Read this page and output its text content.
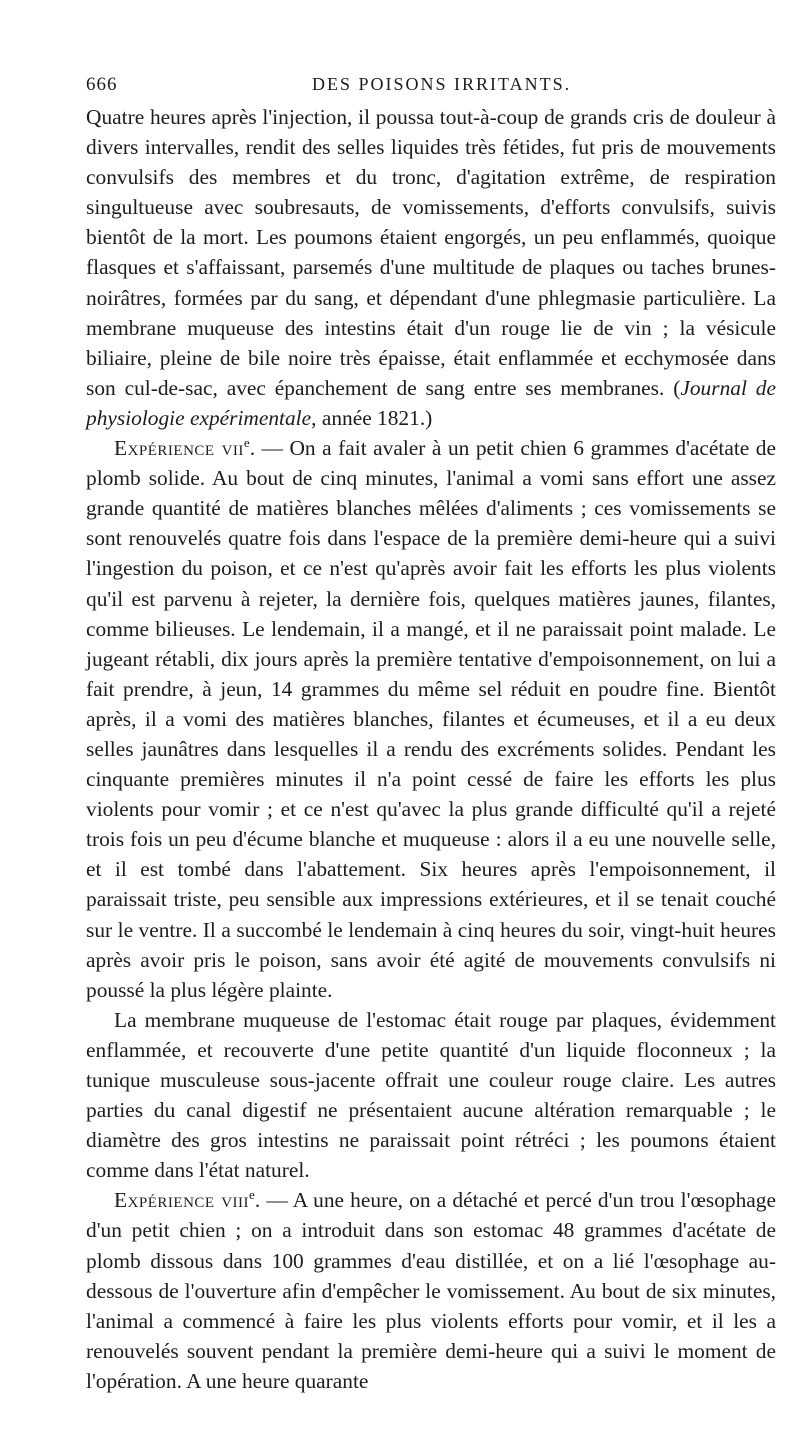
666	DES POISONS IRRITANTS.

Quatre heures après l'injection, il poussa tout-à-coup de grands cris de douleur à divers intervalles, rendit des selles liquides très fétides, fut pris de mouvements convulsifs des membres et du tronc, d'agitation extrême, de respiration singultueuse avec soubresauts, de vomissements, d'efforts convulsifs, suivis bientôt de la mort. Les poumons étaient engorgés, un peu enflammés, quoique flasques et s'affaissant, parsemés d'une multitude de plaques ou taches brunes-noirâtres, formées par du sang, et dépendant d'une phlegmasie particulière. La membrane muqueuse des intestins était d'un rouge lie de vin ; la vésicule biliaire, pleine de bile noire très épaisse, était enflammée et ecchymosée dans son cul-de-sac, avec épanchement de sang entre ses membranes. (Journal de physiologie expérimentale, année 1821.)

Expérience vii$^e$. — On a fait avaler à un petit chien 6 grammes d'acétate de plomb solide. Au bout de cinq minutes, l'animal a vomi sans effort une assez grande quantité de matières blanches mêlées d'aliments ; ces vomissements se sont renouvelés quatre fois dans l'espace de la première demi-heure qui a suivi l'ingestion du poison, et ce n'est qu'après avoir fait les efforts les plus violents qu'il est parvenu à rejeter, la dernière fois, quelques matières jaunes, filantes, comme bilieuses. Le lendemain, il a mangé, et il ne paraissait point malade. Le jugeant rétabli, dix jours après la première tentative d'empoisonnement, on lui a fait prendre, à jeun, 14 grammes du même sel réduit en poudre fine. Bientôt après, il a vomi des matières blanches, filantes et écumeuses, et il a eu deux selles jaunâtres dans lesquelles il a rendu des excréments solides. Pendant les cinquante premières minutes il n'a point cessé de faire les efforts les plus violents pour vomir ; et ce n'est qu'avec la plus grande difficulté qu'il a rejeté trois fois un peu d'écume blanche et muqueuse : alors il a eu une nouvelle selle, et il est tombé dans l'abattement. Six heures après l'empoisonnement, il paraissait triste, peu sensible aux impressions extérieures, et il se tenait couché sur le ventre. Il a succombé le lendemain à cinq heures du soir, vingt-huit heures après avoir pris le poison, sans avoir été agité de mouvements convulsifs ni poussé la plus légère plainte.

La membrane muqueuse de l'estomac était rouge par plaques, évidemment enflammée, et recouverte d'une petite quantité d'un liquide floconneux ; la tunique musculeuse sous-jacente offrait une couleur rouge claire. Les autres parties du canal digestif ne présentaient aucune altération remarquable ; le diamètre des gros intestins ne paraissait point rétréci ; les poumons étaient comme dans l'état naturel.

Expérience viii$^e$. — A une heure, on a détaché et percé d'un trou l'œsophage d'un petit chien ; on a introduit dans son estomac 48 grammes d'acétate de plomb dissous dans 100 grammes d'eau distillée, et on a lié l'œsophage au-dessous de l'ouverture afin d'empêcher le vomissement. Au bout de six minutes, l'animal a commencé à faire les plus violents efforts pour vomir, et il les a renouvelés souvent pendant la première demi-heure qui a suivi le moment de l'opération. A une heure quarante
